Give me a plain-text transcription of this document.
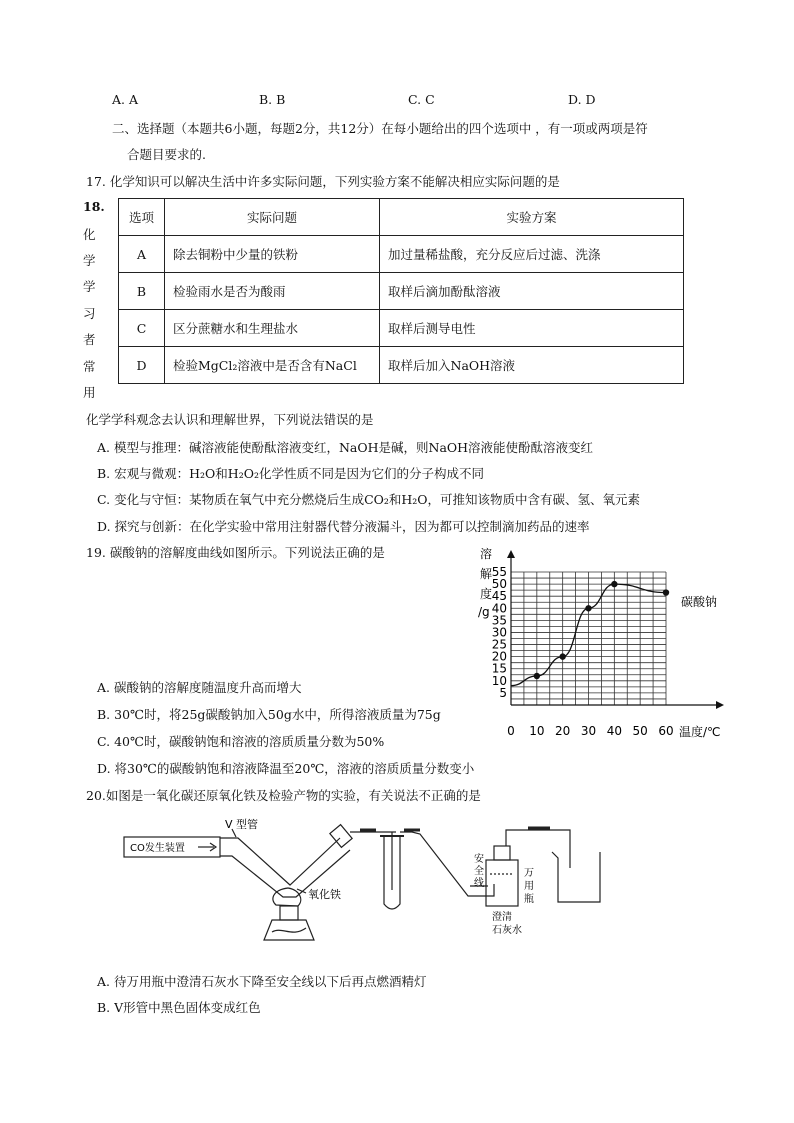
A. A	B. B	C. C	D. D
二、选择题（本题共6小题，每题2分，共12分）在每小题给出的四个选项中 ，有一项或两项是符
合题目要求的.
17. 化学知识可以解决生活中许多实际问题，下列实验方案不能解决相应实际问题的是
选项	实际问题	实验方案
A	除去铜粉中少量的铁粉	加过量稀盐酸，充分反应后过滤、洗涤
B	检验雨水是否为酸雨	取样后滴加酚酞溶液
C	区分蔗糖水和生理盐水	取样后测导电性
D	检验MgCl₂溶液中是否含有NaCl	取样后加入NaOH溶液
18.
化
学
学
习
者
常
用
化学学科观念去认识和理解世界，下列说法错误的是
A. 模型与推理：碱溶液能使酚酞溶液变红，NaOH是碱，则NaOH溶液能使酚酞溶液变红
B. 宏观与微观：H₂O和H₂O₂化学性质不同是因为它们的分子构成不同
C. 变化与守恒：某物质在氧气中充分燃烧后生成CO₂和H₂O，可推知该物质中含有碳、氢、氧元素
D. 探究与创新：在化学实验中常用注射器代替分液漏斗，因为都可以控制滴加药品的速率
19. 碳酸钠的溶解度曲线如图所示。下列说法正确的是
A. 碳酸钠的溶解度随温度升高而增大
B. 30℃时，将25g碳酸钠加入50g水中，所得溶液质量为75g
C. 40℃时，碳酸钠饱和溶液的溶质质量分数为50%
D. 将30℃的碳酸钠饱和溶液降温至20℃，溶液的溶质质量分数变小
0 10 20 30 40 50 60
5
10
15
20
25
30
35
40
45
50
55
溶
解
度
/g
温度/℃
碳酸钠
20.如图是一氧化碳还原氧化铁及检验产物的实验，有关说法不正确的是
V 型管
CO发生装置
氧化铁
安
全
线
万
用
瓶
澄清
石灰水
A. 待万用瓶中澄清石灰水下降至安全线以下后再点燃酒精灯
B. V形管中黑色固体变成红色
